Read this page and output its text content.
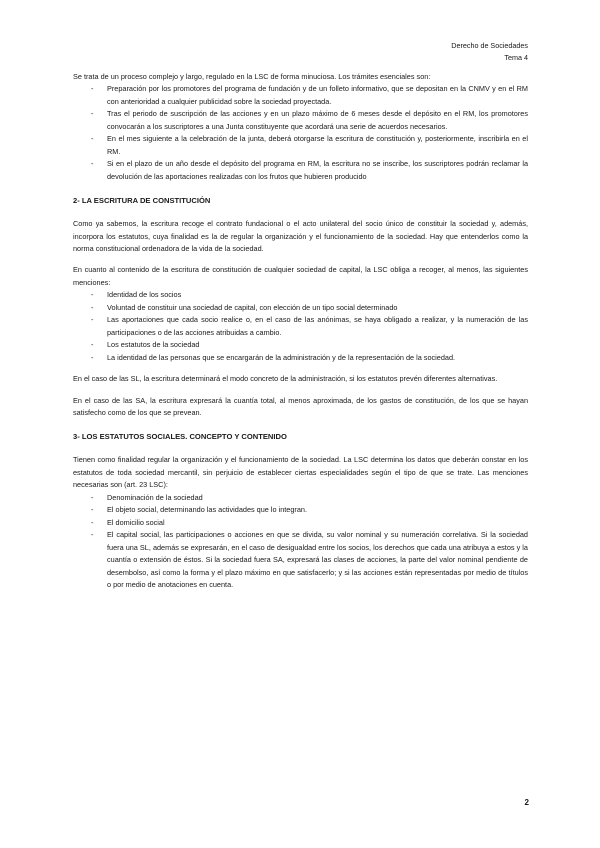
Derecho de Sociedades
Tema 4

Se trata de un proceso complejo y largo, regulado en la LSC de forma minuciosa. Los trámites esenciales son:

- Preparación por los promotores del programa de fundación y de un folleto informativo, que se depositan en la CNMV y en el RM con anterioridad a cualquier publicidad sobre la sociedad proyectada.
- Tras el periodo de suscripción de las acciones y en un plazo máximo de 6 meses desde el depósito en el RM, los promotores convocarán a los suscriptores a una Junta constituyente que acordará una serie de acuerdos necesarios.
- En el mes siguiente a la celebración de la junta, deberá otorgarse la escritura de constitución y, posteriormente, inscribirla en el RM.
- Si en el plazo de un año desde el depósito del programa en RM, la escritura no se inscribe, los suscriptores podrán reclamar la devolución de las aportaciones realizadas con los frutos que hubieren producido
2- LA ESCRITURA DE CONSTITUCIÓN

Como ya sabemos, la escritura recoge el contrato fundacional o el acto unilateral del socio único de constituir la sociedad y, además, incorpora los estatutos, cuya finalidad es la de regular la organización y el funcionamiento de la sociedad. Hay que entenderlos como la norma constitucional ordenadora de la vida de la sociedad.

En cuanto al contenido de la escritura de constitución de cualquier sociedad de capital, la LSC obliga a recoger, al menos, las siguientes menciones:

- Identidad de los socios
- Voluntad de constituir una sociedad de capital, con elección de un tipo social determinado
- Las aportaciones que cada socio realice o, en el caso de las anónimas, se haya obligado a realizar, y la numeración de las participaciones o de las acciones atribuidas a cambio.
- Los estatutos de la sociedad
- La identidad de las personas que se encargarán de la administración y de la representación de la sociedad.

En el caso de las SL, la escritura determinará el modo concreto de la administración, si los estatutos prevén diferentes alternativas.

En el caso de las SA, la escritura expresará la cuantía total, al menos aproximada, de los gastos de constitución, de los que se hayan satisfecho como de los que se prevean.

3- LOS ESTATUTOS SOCIALES. CONCEPTO Y CONTENIDO

Tienen como finalidad regular la organización y el funcionamiento de la sociedad. La LSC determina los datos que deberán constar en los estatutos de toda sociedad mercantil, sin perjuicio de establecer ciertas especialidades según el tipo de que se trate. Las menciones necesarias son (art. 23 LSC):

- Denominación de la sociedad
- El objeto social, determinando las actividades que lo integran.
- El domicilio social
- El capital social, las participaciones o acciones en que se divida, su valor nominal y su numeración correlativa. Si la sociedad fuera una SL, además se expresarán, en el caso de desigualdad entre los socios, los derechos que cada una atribuya a estos y la cuantía o extensión de éstos. Si la sociedad fuera SA, expresará las clases de acciones, la parte del valor nominal pendiente de desembolso, así como la forma y el plazo máximo en que satisfacerlo; y si las acciones están representadas por medio de títulos o por medio de anotaciones en cuenta.
2
